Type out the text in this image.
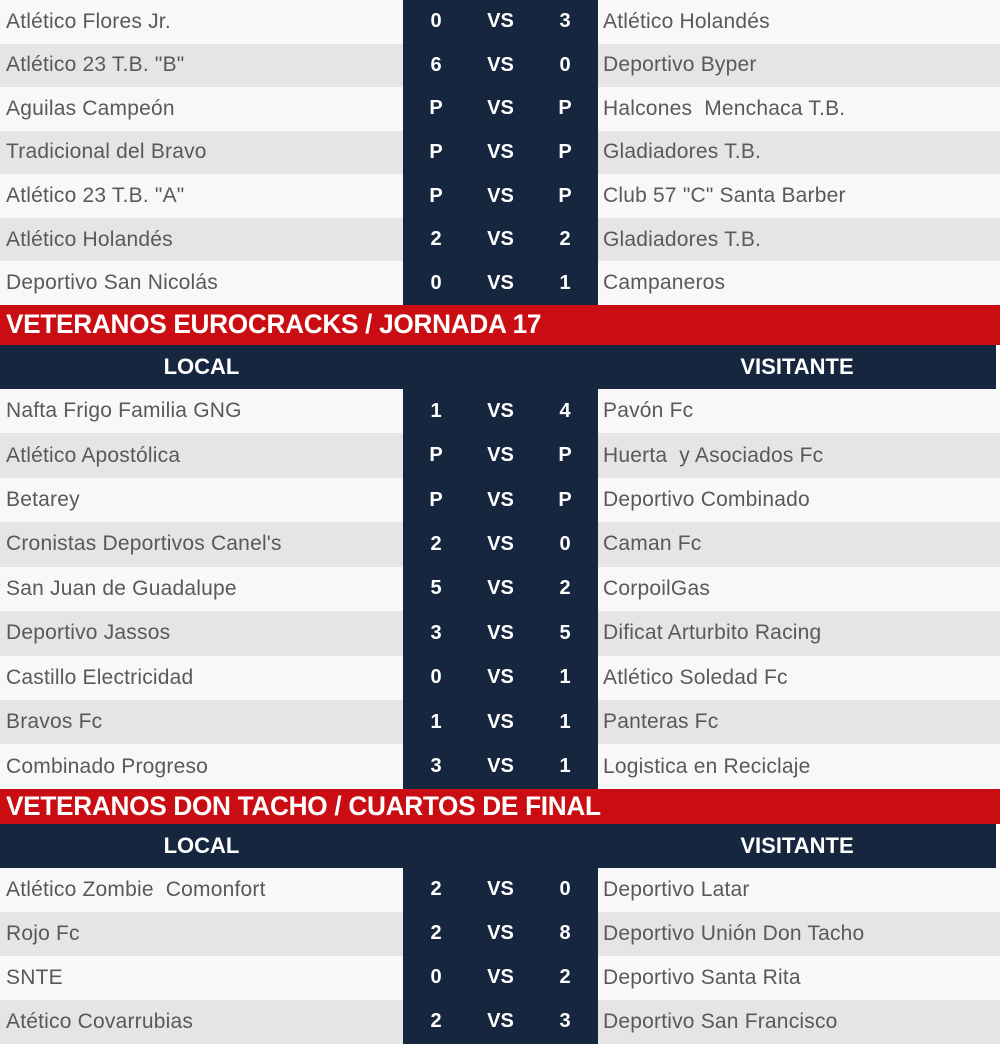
Atlético Flores Jr.	0	VS	3	Atlético Holandés
Atlético 23 T.B. "B"	6	VS	0	Deportivo Byper
Aguilas Campeón	P VS P Halcones  Menchaca T.B.
Tradicional del Bravo	P VS P Gladiadores T.B.
Atlético 23 T.B. "A"	P VS P Club 57 "C" Santa Barber
Atlético Holandés	2	VS	2	Gladiadores T.B.
Deportivo San Nicolás	0	VS	1	Campaneros
VETERANOS EUROCRACKS / JORNADA 17
LOCAL	VISITANTE
Nafta Frigo Familia GNG	1	VS	4	Pavón Fc
Atlético Apostólica	P VS P Huerta  y Asociados Fc
Betarey	P VS P Deportivo Combinado
Cronistas Deportivos Canel's	2	VS	0	Caman Fc
San Juan de Guadalupe	5	VS	2	CorpoilGas
Deportivo Jassos	3	VS	5	Dificat Arturbito Racing
Castillo Electricidad	0	VS	1	Atlético Soledad Fc
Bravos Fc	1	VS	1	Panteras Fc
Combinado Progreso	3	VS	1	Logistica en Reciclaje
VETERANOS DON TACHO / CUARTOS DE FINAL
LOCAL	VISITANTE
Atlético Zombie  Comonfort	2	VS	0	Deportivo Latar
Rojo Fc	2	VS	8	Deportivo Unión Don Tacho
SNTE	0	VS	2	Deportivo Santa Rita
Atético Covarrubias	2	VS	3	Deportivo San Francisco
